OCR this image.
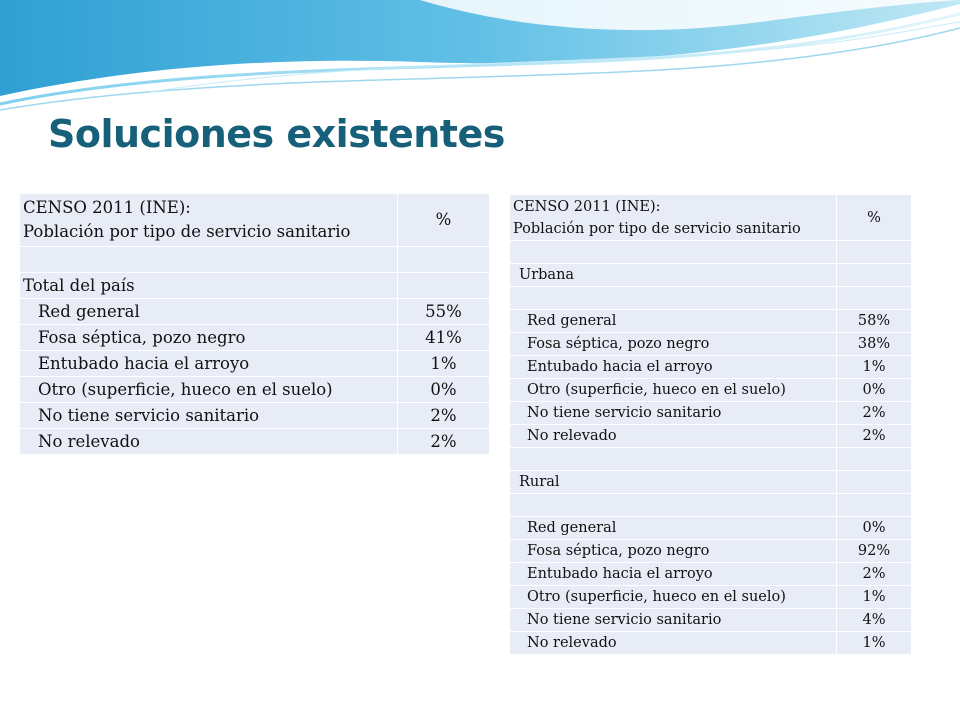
Soluciones existentes
CENSO 2011 (INE):
Población por tipo de servicio sanitario	%

Total del país	
Red general	55%
Fosa séptica, pozo negro	41%
Entubado hacia el arroyo	1%
Otro (superficie, hueco en el suelo)	0%
No tiene servicio sanitario	2%
No relevado	2%
CENSO 2011 (INE):
Población por tipo de servicio sanitario	%

Urbana	

Red general	58%
Fosa séptica, pozo negro	38%
Entubado hacia el arroyo	1%
Otro (superficie, hueco en el suelo)	0%
No tiene servicio sanitario	2%
No relevado	2%

Rural	

Red general	0%
Fosa séptica, pozo negro	92%
Entubado hacia el arroyo	2%
Otro (superficie, hueco en el suelo)	1%
No tiene servicio sanitario	4%
No relevado	1%
